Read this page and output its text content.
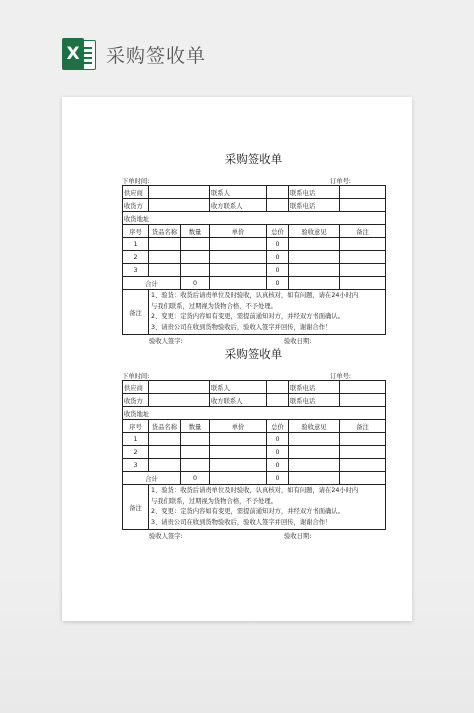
X 采购签收单
采购签收单
下单时间:	订单号:
供应商			联系人		联系电话	
收货方			收方联系人		联系电话	
收货地址						
序号	货品名称	数量	单价	总价	验收意见	备注
1				0		
2				0		
3				0		
合计		0		0		
备注	1、验货：收货后请责单位及时验收，认真核对，如有问题，请在24小时内
与我们联系，过期视为货物合格，不予处理。
2、变更：定货内容如有变更，需提前通知对方，并经双方书面确认。
3、请贵公司在收到货物验收后，验收人签字并回传，谢谢合作！					
验收人签字:	验收日期:
采购签收单
下单时间:	订单号:
供应商			联系人		联系电话	
收货方			收方联系人		联系电话	
收货地址						
序号	货品名称	数量	单价	总价	验收意见	备注
1				0		
2				0		
3				0		
合计		0		0		
备注	1、验货：收货后请责单位及时验收，认真核对，如有问题，请在24小时内
与我们联系，过期视为货物合格，不予处理。
2、变更：定货内容如有变更，需提前通知对方，并经双方书面确认。
3、请贵公司在收到货物验收后，验收人签字并回传，谢谢合作！					
验收人签字:	验收日期:
